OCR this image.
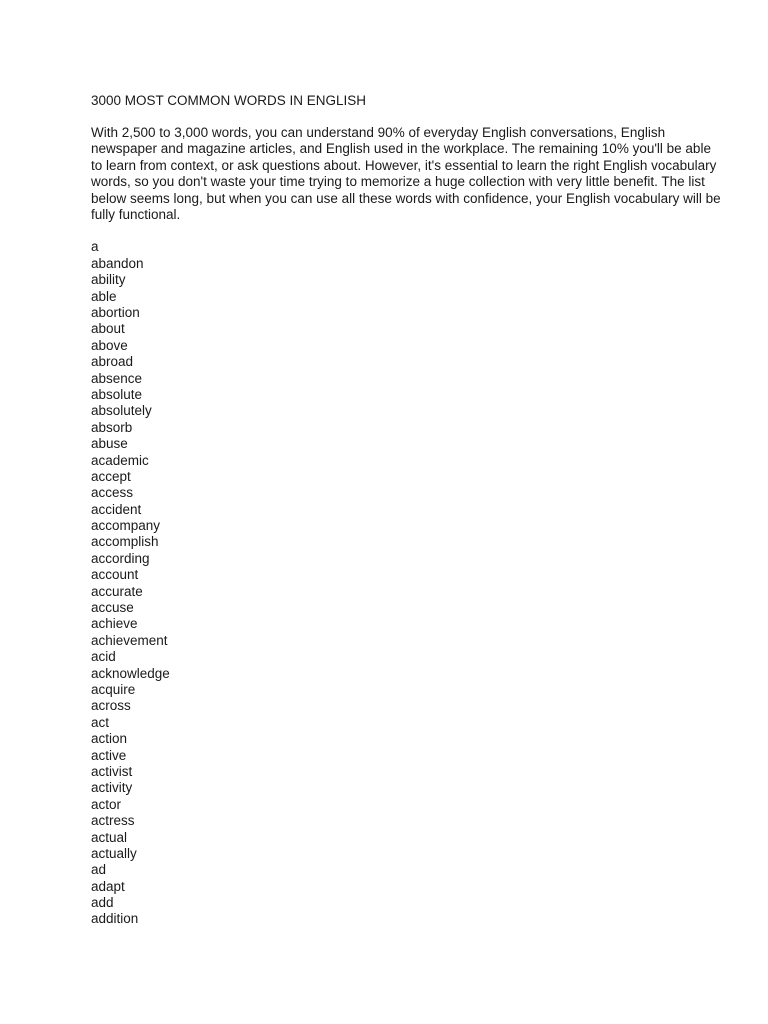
3000 MOST COMMON WORDS IN ENGLISH

With 2,500 to 3,000 words, you can understand 90% of everyday English conversations, English newspaper and magazine articles, and English used in the workplace. The remaining 10% you'll be able to learn from context, or ask questions about. However, it's essential to learn the right English vocabulary words, so you don't waste your time trying to memorize a huge collection with very little benefit. The list below seems long, but when you can use all these words with confidence, your English vocabulary will be fully functional.

a
abandon
ability
able
abortion
about
above
abroad
absence
absolute
absolutely
absorb
abuse
academic
accept
access
accident
accompany
accomplish
according
account
accurate
accuse
achieve
achievement
acid
acknowledge
acquire
across
act
action
active
activist
activity
actor
actress
actual
actually
ad
adapt
add
addition
